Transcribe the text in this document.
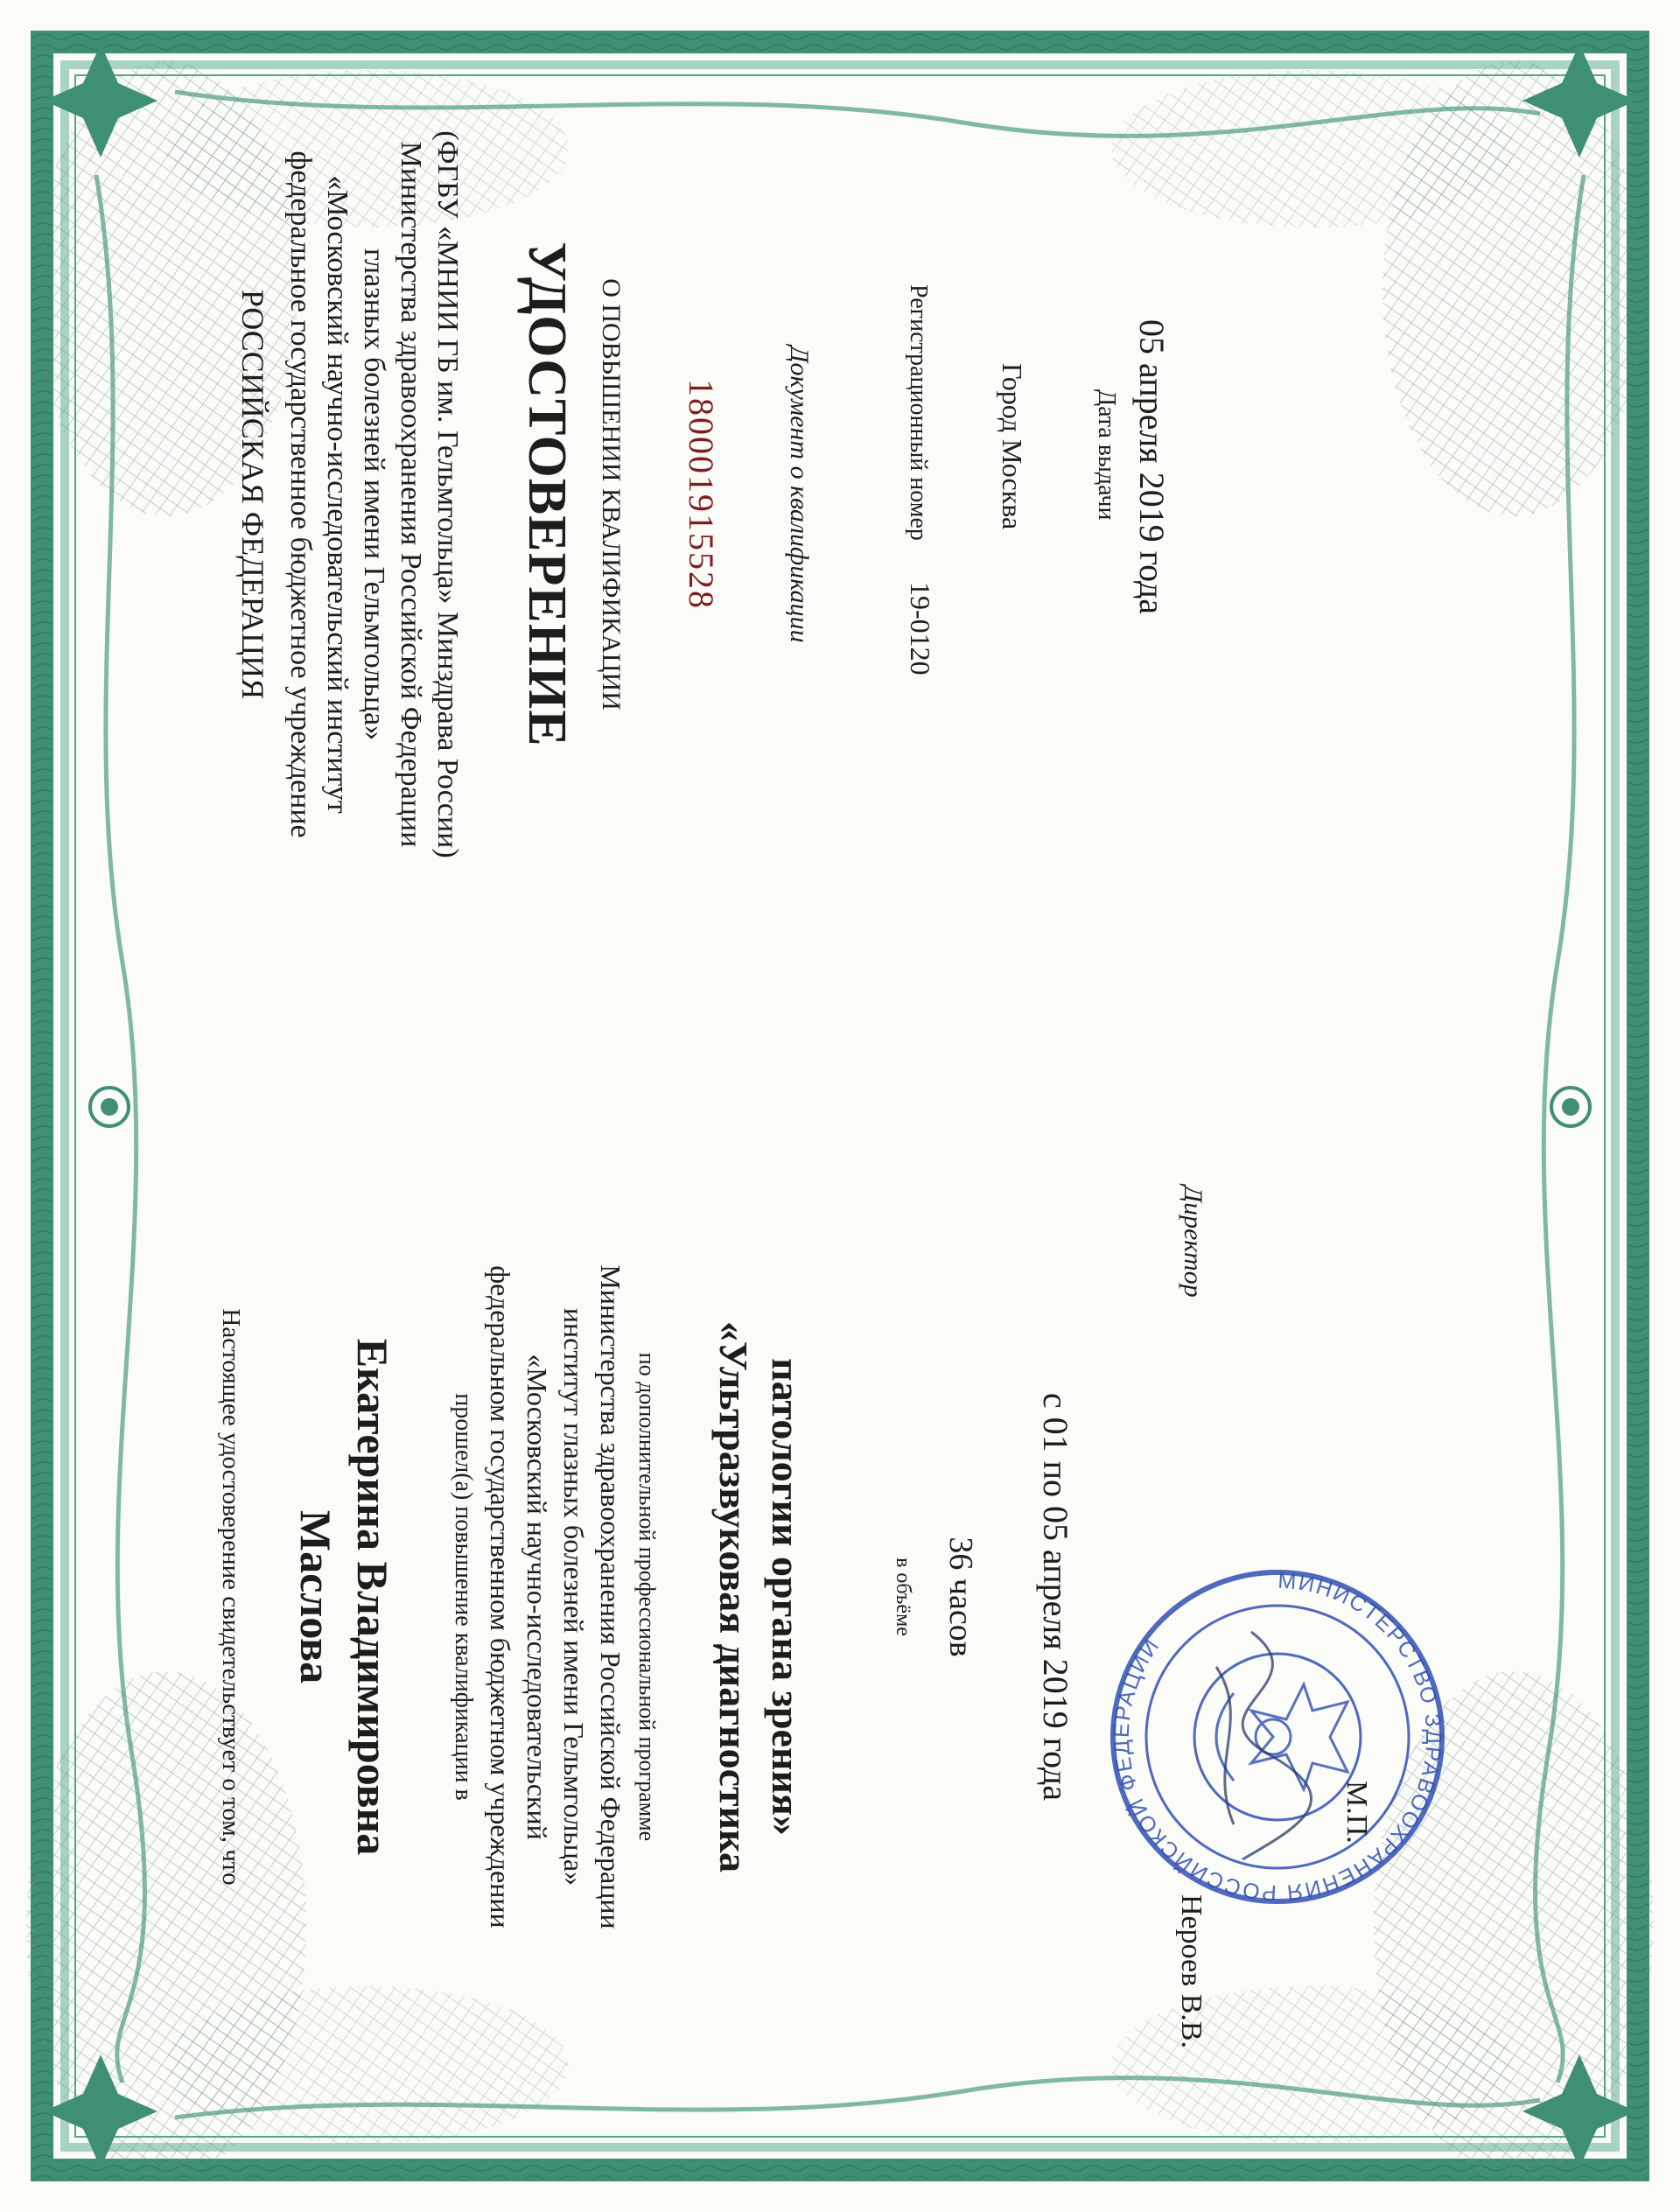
РОССИЙСКАЯ ФЕДЕРАЦИЯ федеральное государственное бюджетное учреждение «Московский научно-исследовательский институт глазных болезней имени Гельмгольца» Министерства здравоохранения Российской Федерации (ФГБУ «МНИИ ГБ им. Гельмгольца» Минздрава России) УДОСТОВЕРЕНИЕ О ПОВЫШЕНИИ КВАЛИФИКАЦИИ 180001915528 Документ о квалификации	Регистрационный номер
19-0120
Город Москва	Дата выдачи 05 апреля 2019 года
Настоящее удостоверение свидетельствует о том, что Маслова Екатерина Владимировна прошел(а) повышение квалификации в федеральном государственном бюджетном учреждении «Московский научно-исследовательский институт глазных болезней имени Гельмгольца» Министерства здравоохранения Российской Федерации по дополнительной профессиональной программе «Ультразвуковая диагностика патологии органа зрения»	в объёме 36 часов с 01 по 05 апреля 2019 года
Директор
Нероев В.В.
МИНИСТЕРСТВО ЗДРАВООХРАНЕНИЯ РОССИЙСКОЙ ФЕДЕРАЦИИ
М.П.
